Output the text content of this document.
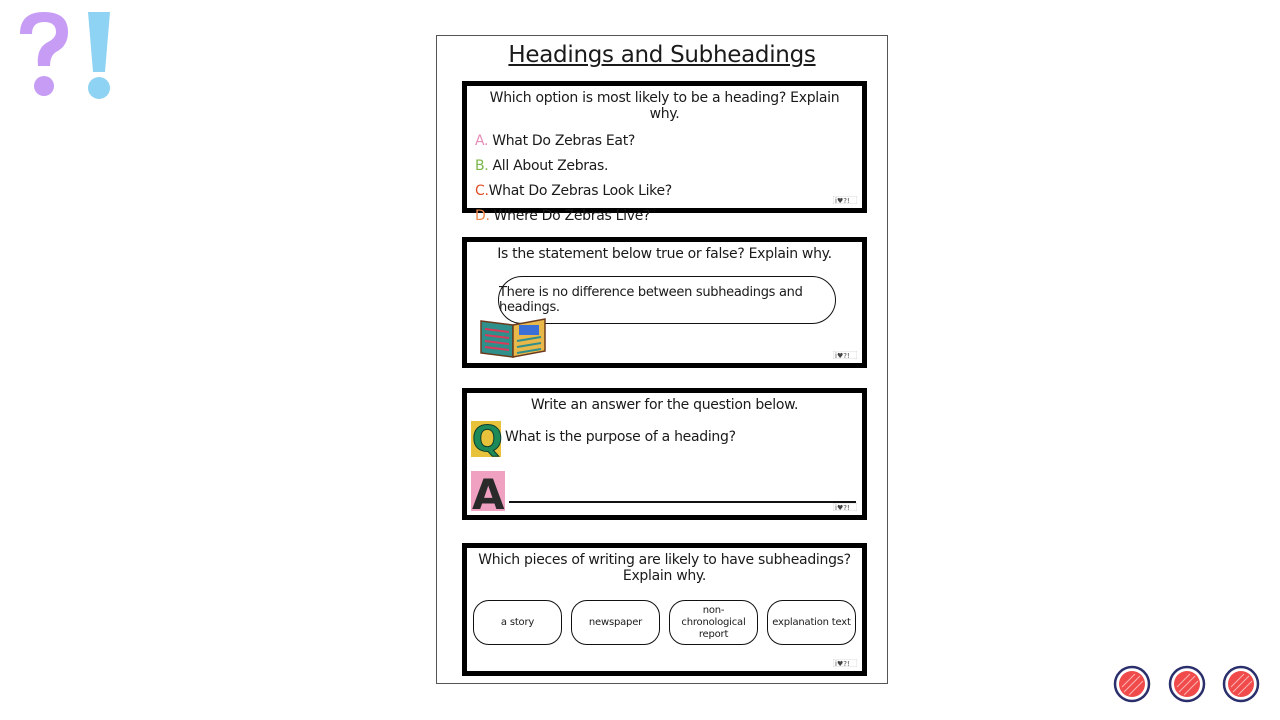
Headings and Subheadings
Which option is most likely to be a heading? Explain why.
A. What Do Zebras Eat?
B. All About Zebras.
C.What Do Zebras Look Like?
D. Where Do Zebras Live?
i♥?!
Is the statement below true or false? Explain why.
There is no difference between subheadings and headings.
i♥?!
Write an answer for the question below.
Q What is the purpose of a heading?
A	i♥?!
Which pieces of writing are likely to have subheadings? Explain why.
a story	newspaper
non-chronological report
explanation text
i♥?!
